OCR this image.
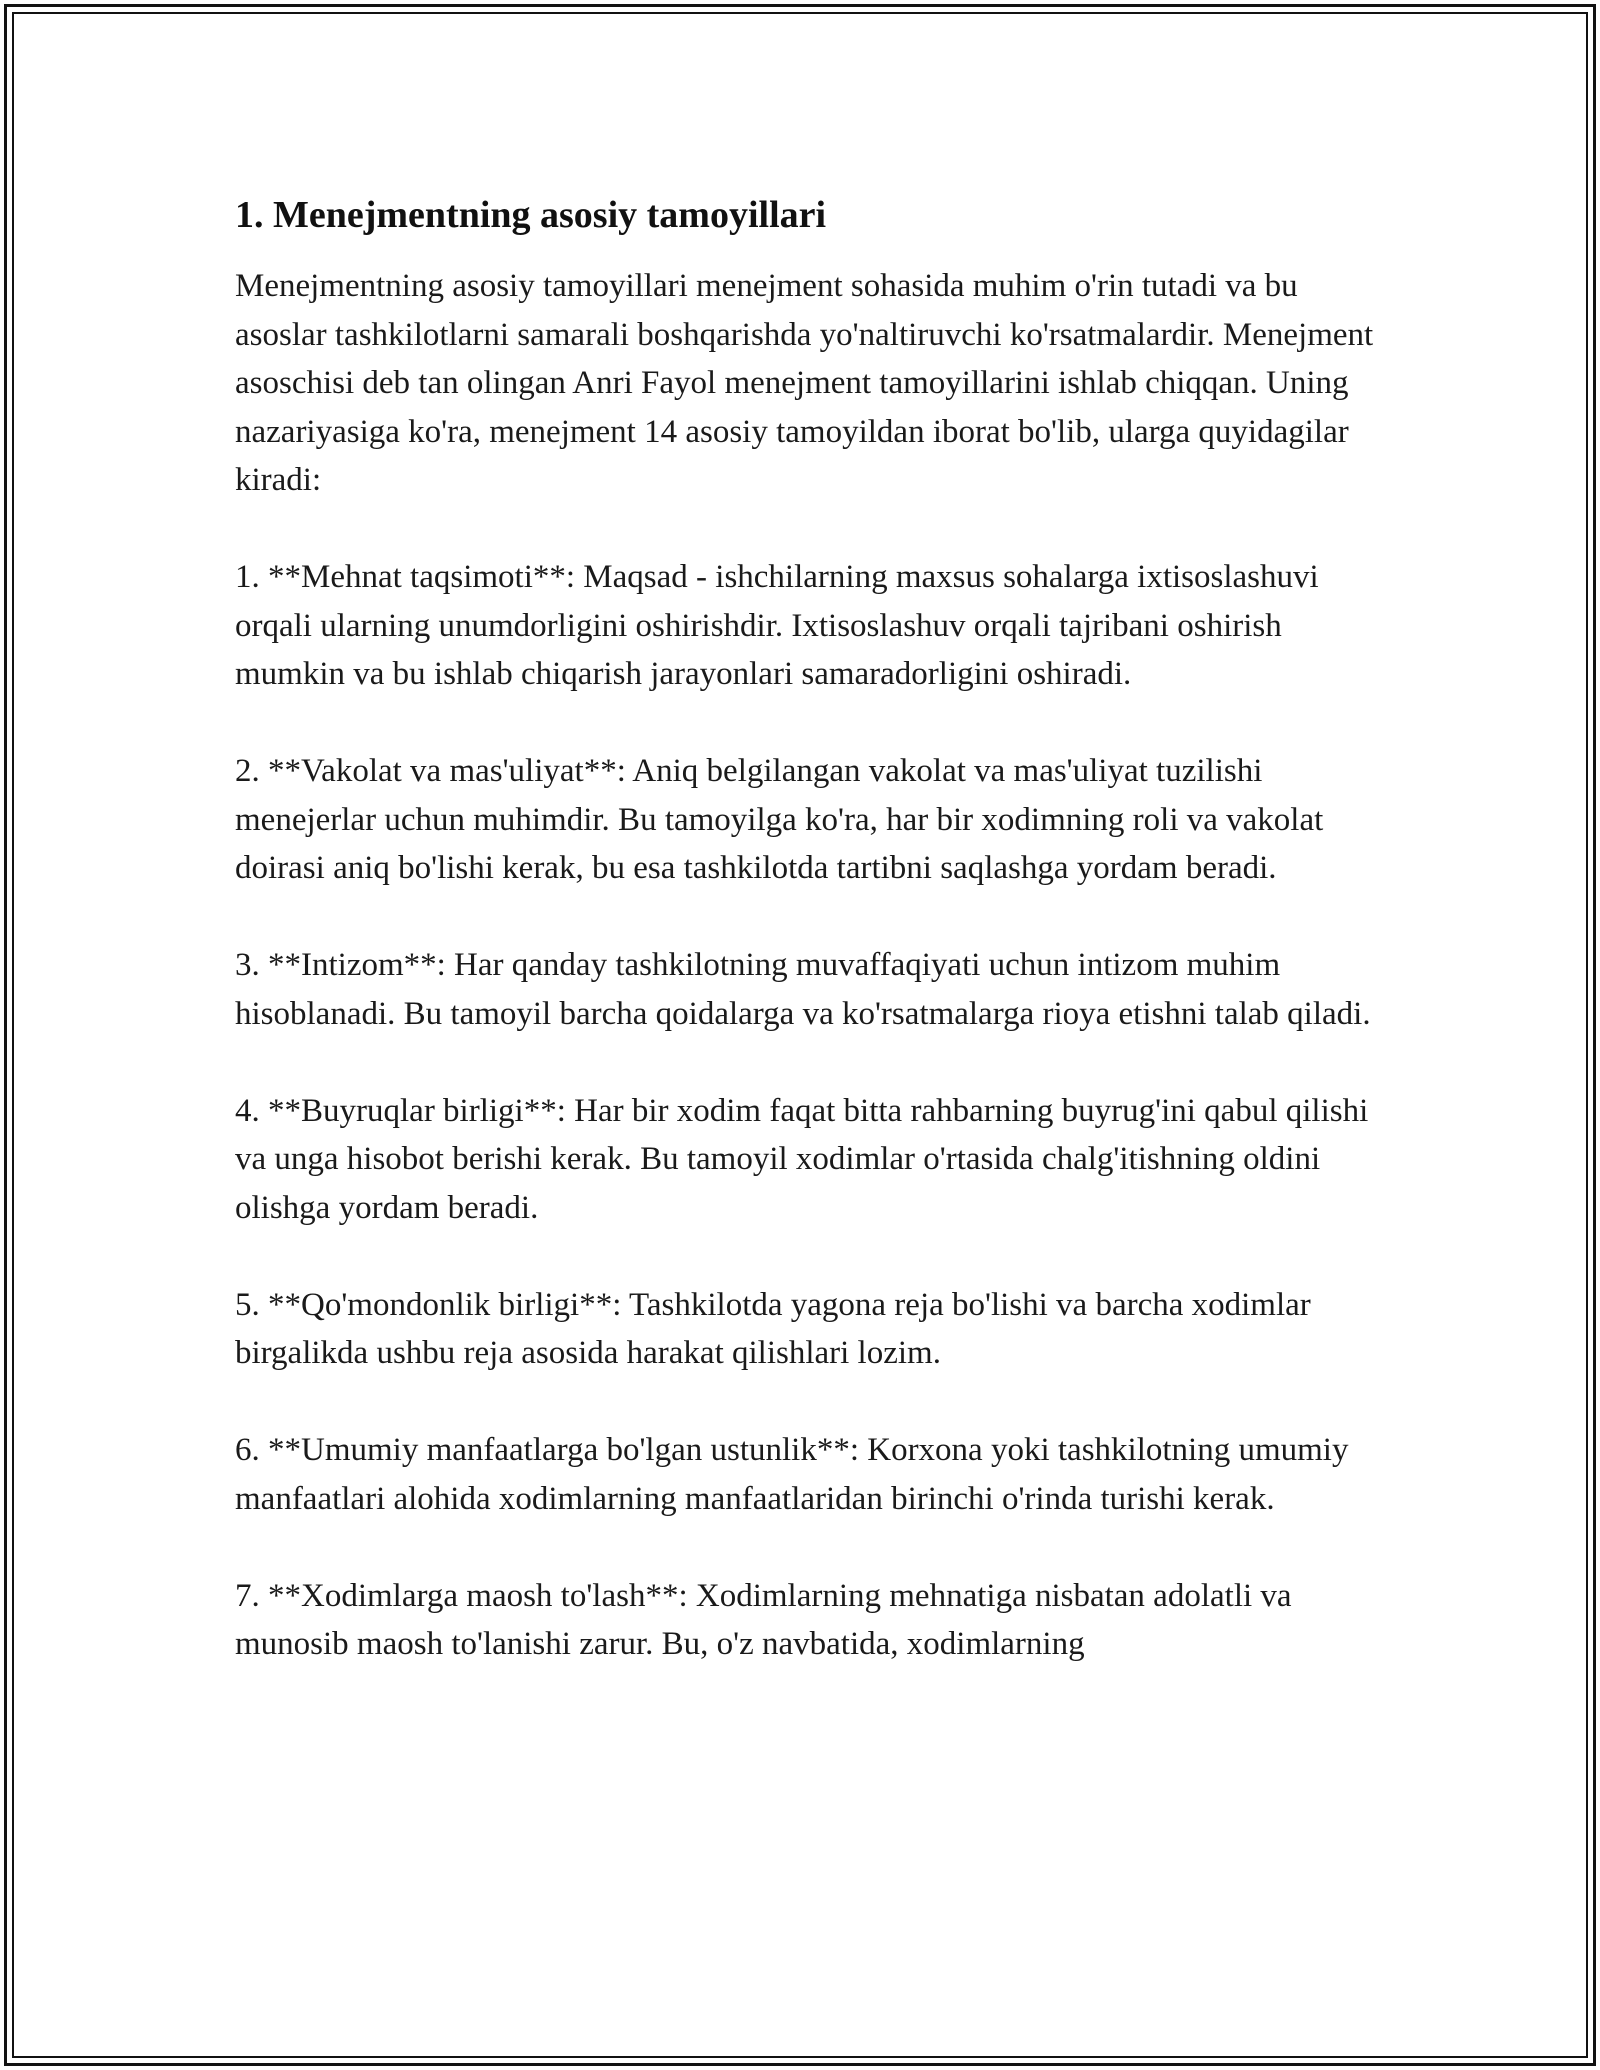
1. Menejmentning asosiy tamoyillari

Menejmentning asosiy tamoyillari menejment sohasida muhim o'rin tutadi va bu asoslar tashkilotlarni samarali boshqarishda yo'naltiruvchi ko'rsatmalardir. Menejment asoschisi deb tan olingan Anri Fayol menejment tamoyillarini ishlab chiqqan. Uning nazariyasiga ko'ra, menejment 14 asosiy tamoyildan iborat bo'lib, ularga quyidagilar kiradi:

1. **Mehnat taqsimoti**: Maqsad - ishchilarning maxsus sohalarga ixtisoslashuvi orqali ularning unumdorligini oshirishdir. Ixtisoslashuv orqali tajribani oshirish mumkin va bu ishlab chiqarish jarayonlari samaradorligini oshiradi.

2. **Vakolat va mas'uliyat**: Aniq belgilangan vakolat va mas'uliyat tuzilishi menejerlar uchun muhimdir. Bu tamoyilga ko'ra, har bir xodimning roli va vakolat doirasi aniq bo'lishi kerak, bu esa tashkilotda tartibni saqlashga yordam beradi.

3. **Intizom**: Har qanday tashkilotning muvaffaqiyati uchun intizom muhim hisoblanadi. Bu tamoyil barcha qoidalarga va ko'rsatmalarga rioya etishni talab qiladi.

4. **Buyruqlar birligi**: Har bir xodim faqat bitta rahbarning buyrug'ini qabul qilishi va unga hisobot berishi kerak. Bu tamoyil xodimlar o'rtasida chalg'itishning oldini olishga yordam beradi.

5. **Qo'mondonlik birligi**: Tashkilotda yagona reja bo'lishi va barcha xodimlar birgalikda ushbu reja asosida harakat qilishlari lozim.

6. **Umumiy manfaatlarga bo'lgan ustunlik**: Korxona yoki tashkilotning umumiy manfaatlari alohida xodimlarning manfaatlaridan birinchi o'rinda turishi kerak.

7. **Xodimlarga maosh to'lash**: Xodimlarning mehnatiga nisbatan adolatli va munosib maosh to'lanishi zarur. Bu, o'z navbatida, xodimlarning
